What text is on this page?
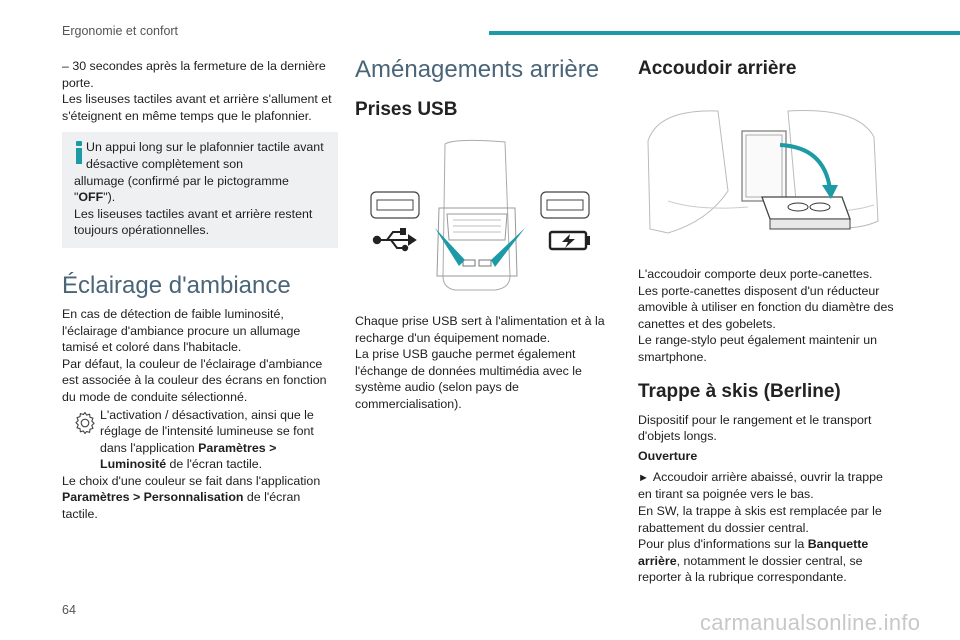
Ergonomie et confort

– 30 secondes après la fermeture de la dernière porte.

Les liseuses tactiles avant et arrière s'allument et s'éteignent en même temps que le plafonnier.

Un appui long sur le plafonnier tactile avant désactive complètement son

allumage (confirmé par le pictogramme "OFF").

Les liseuses tactiles avant et arrière restent toujours opérationnelles.

Éclairage d'ambiance

En cas de détection de faible luminosité, l'éclairage d'ambiance procure un allumage tamisé et coloré dans l'habitacle.

Par défaut, la couleur de l'éclairage d'ambiance est associée à la couleur des écrans en fonction du mode de conduite sélectionné.

L'activation / désactivation, ainsi que le réglage de l'intensité lumineuse se font dans l'application Paramètres > Luminosité de l'écran tactile.

Le choix d'une couleur se fait dans l'application Paramètres > Personnalisation de l'écran tactile.

Aménagements arrière
Prises USB

Chaque prise USB sert à l'alimentation et à la recharge d'un équipement nomade.

La prise USB gauche permet également l'échange de données multimédia avec le système audio (selon pays de commercialisation).

Accoudoir arrière

L'accoudoir comporte deux porte-canettes.

Les porte-canettes disposent d'un réducteur amovible à utiliser en fonction du diamètre des canettes et des gobelets.

Le range-stylo peut également maintenir un smartphone.

Trappe à skis (Berline)

Dispositif pour le rangement et le transport d'objets longs.

Ouverture

► Accoudoir arrière abaissé, ouvrir la trappe en tirant sa poignée vers le bas.

En SW, la trappe à skis est remplacée par le rabattement du dossier central.

Pour plus d'informations sur la Banquette arrière, notamment le dossier central, se reporter à la rubrique correspondante.

64	carmanualsonline.info
